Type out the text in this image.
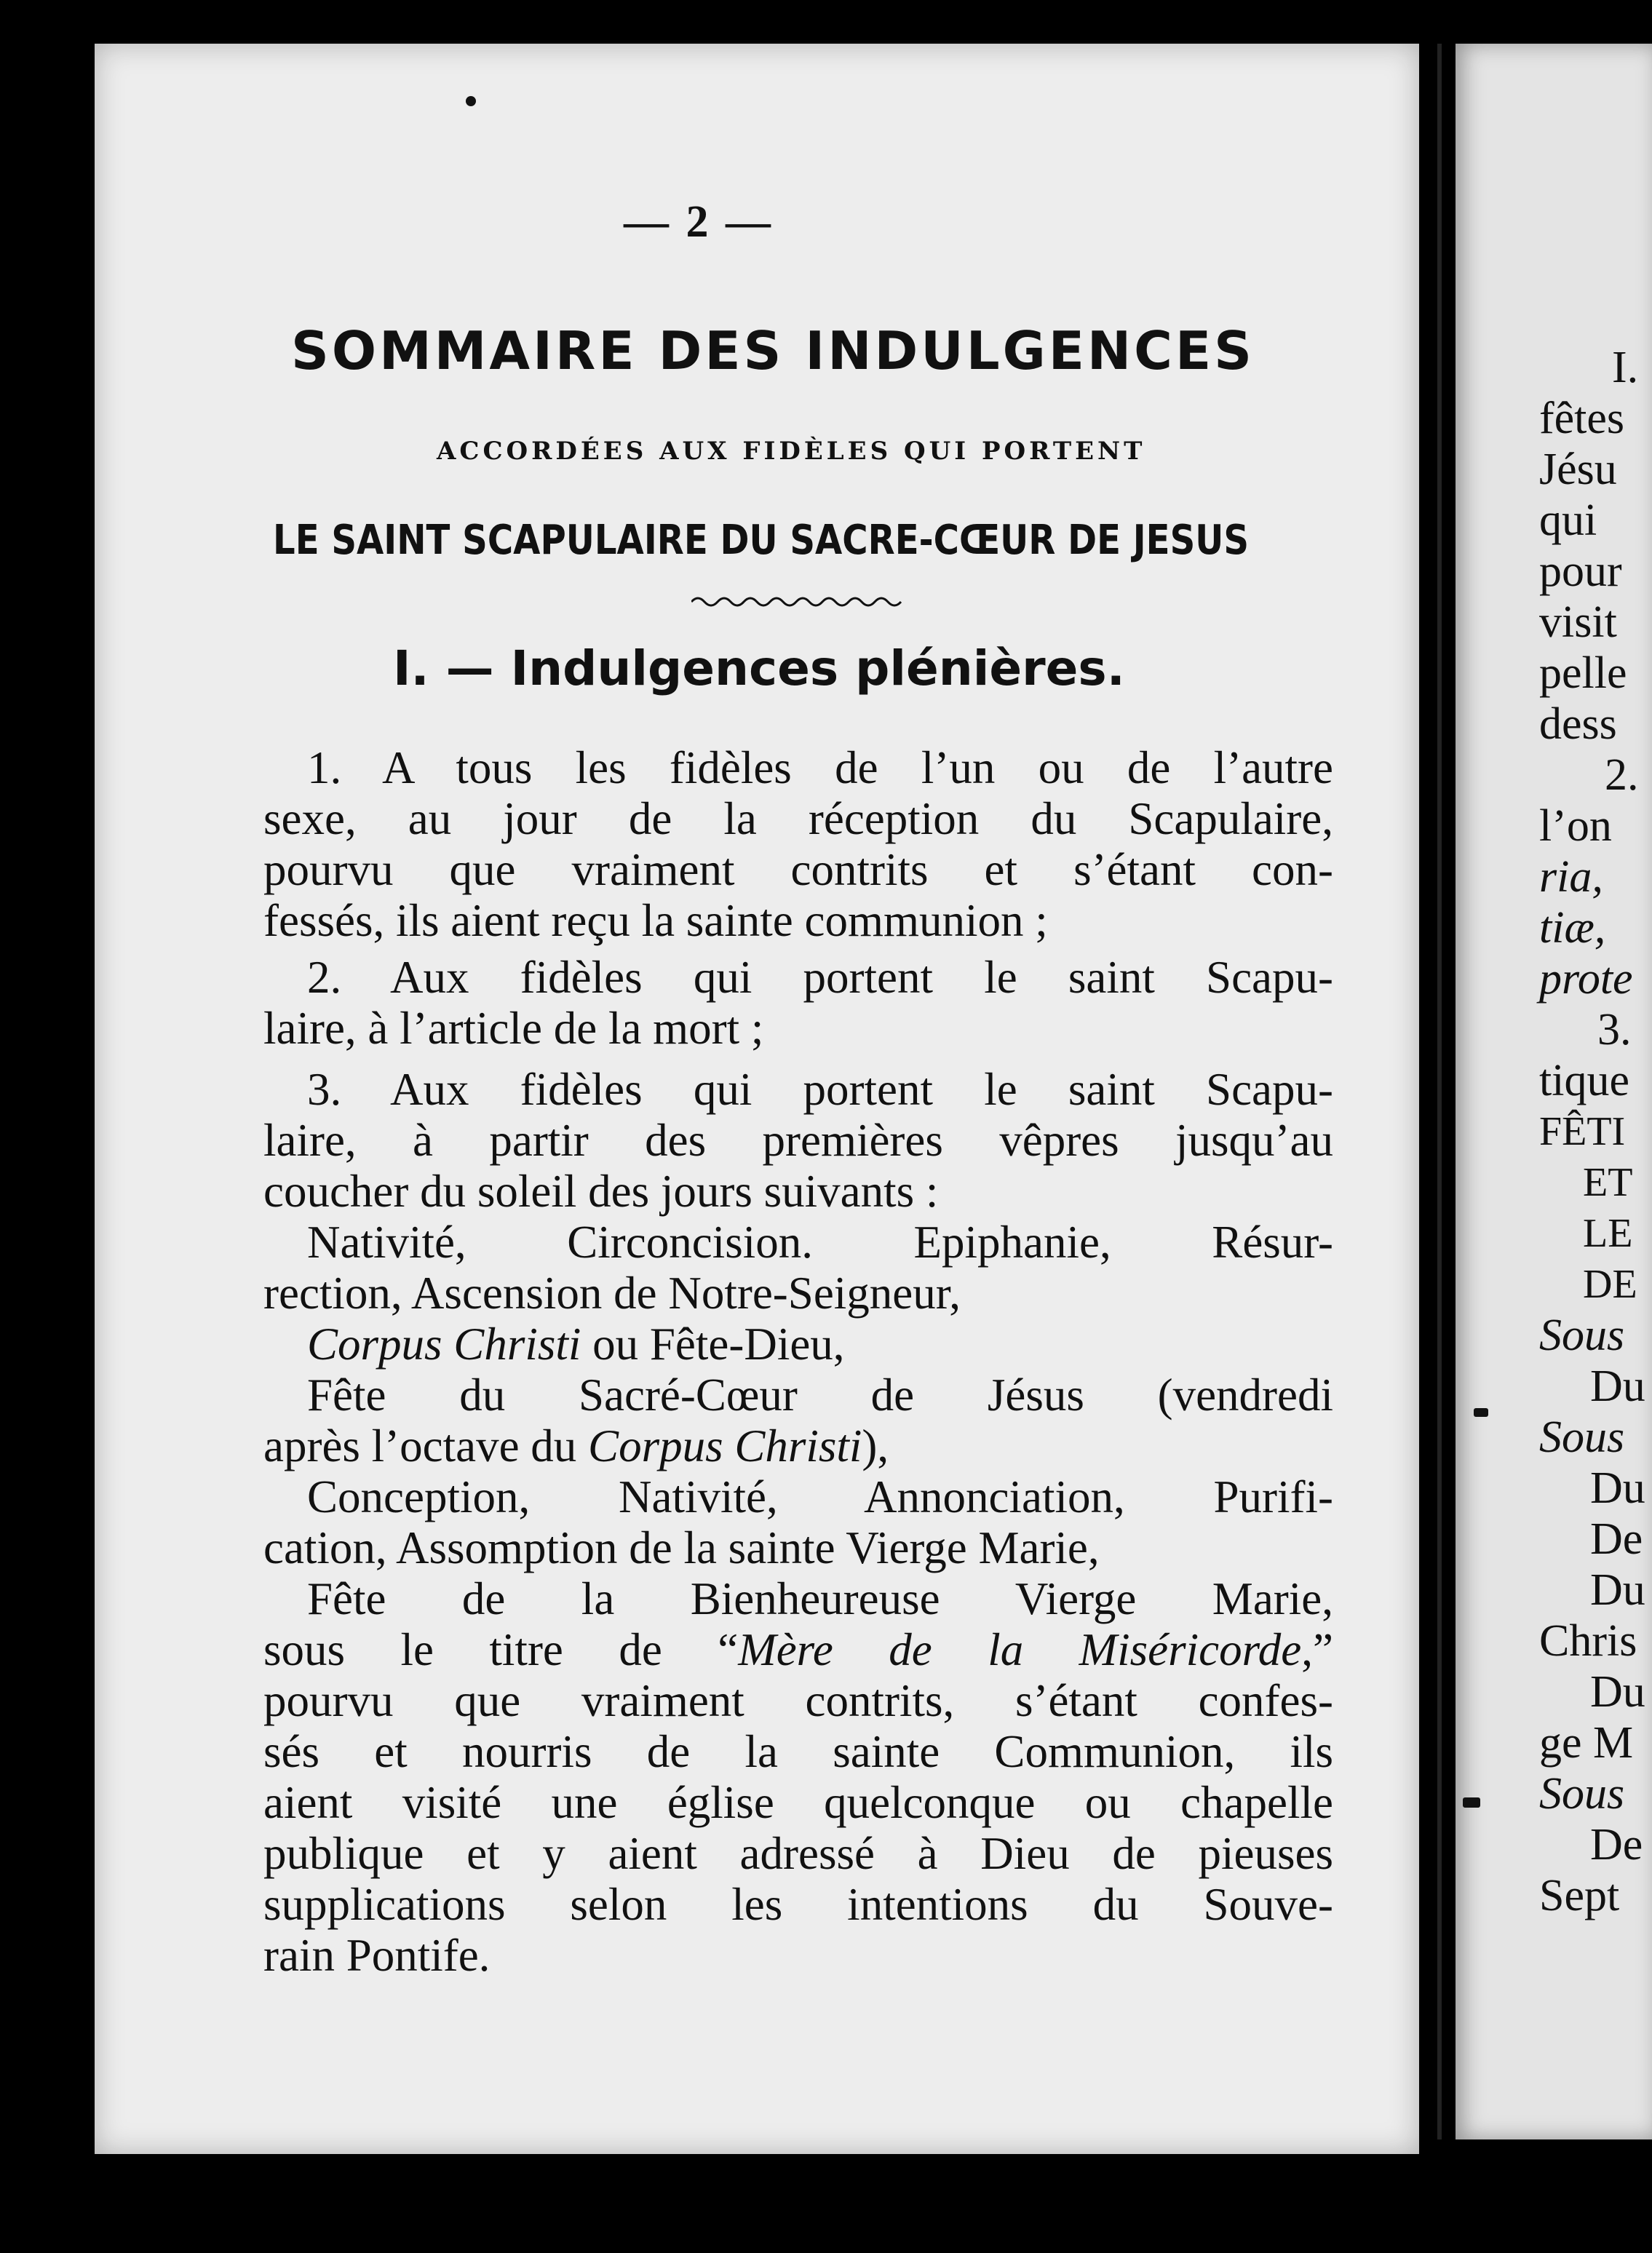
— 2 —
SOMMAIRE DES INDULGENCES
ACCORDÉES AUX FIDÈLES QUI PORTENT
LE SAINT SCAPULAIRE DU SACRE-CŒUR DE JESUS
I. — Indulgences plénières.

1. A tous les fidèles de l’un ou de l’autre

sexe, au jour de la réception du Scapulaire,

pourvu que vraiment contrits et s’étant con-

fessés, ils aient reçu la sainte communion ;

2. Aux fidèles qui portent le saint Scapu-

laire, à l’article de la mort ;

3. Aux fidèles qui portent le saint Scapu-

laire, à partir des premières vêpres jusqu’au

coucher du soleil des jours suivants :

Nativité, Circoncision. Epiphanie, Résur-

rection, Ascension de Notre-Seigneur,

Corpus Christi ou Fête-Dieu,

Fête du Sacré-Cœur de Jésus (vendredi

après l’octave du Corpus Christi),

Conception, Nativité, Annonciation, Purifi-

cation, Assomption de la sainte Vierge Marie,

Fête de la Bienheureuse Vierge Marie,

sous le titre de “Mère de la Miséricorde,”

pourvu que vraiment contrits, s’étant confes-

sés et nourris de la sainte Communion, ils

aient visité une église quelconque ou chapelle

publique et y aient adressé à Dieu de pieuses

supplications selon les intentions du Souve-

rain Pontife.

I.
fêtes
Jésu
qui
pour
visit
pelle
dess
2.
l’on
ria,
tiæ,
prote
3.
tique
FÊTI
ET
LE
DE
Sous
Du
Sous
Du
De
Du
Chris
Du
ge M
Sous
De
Sept
